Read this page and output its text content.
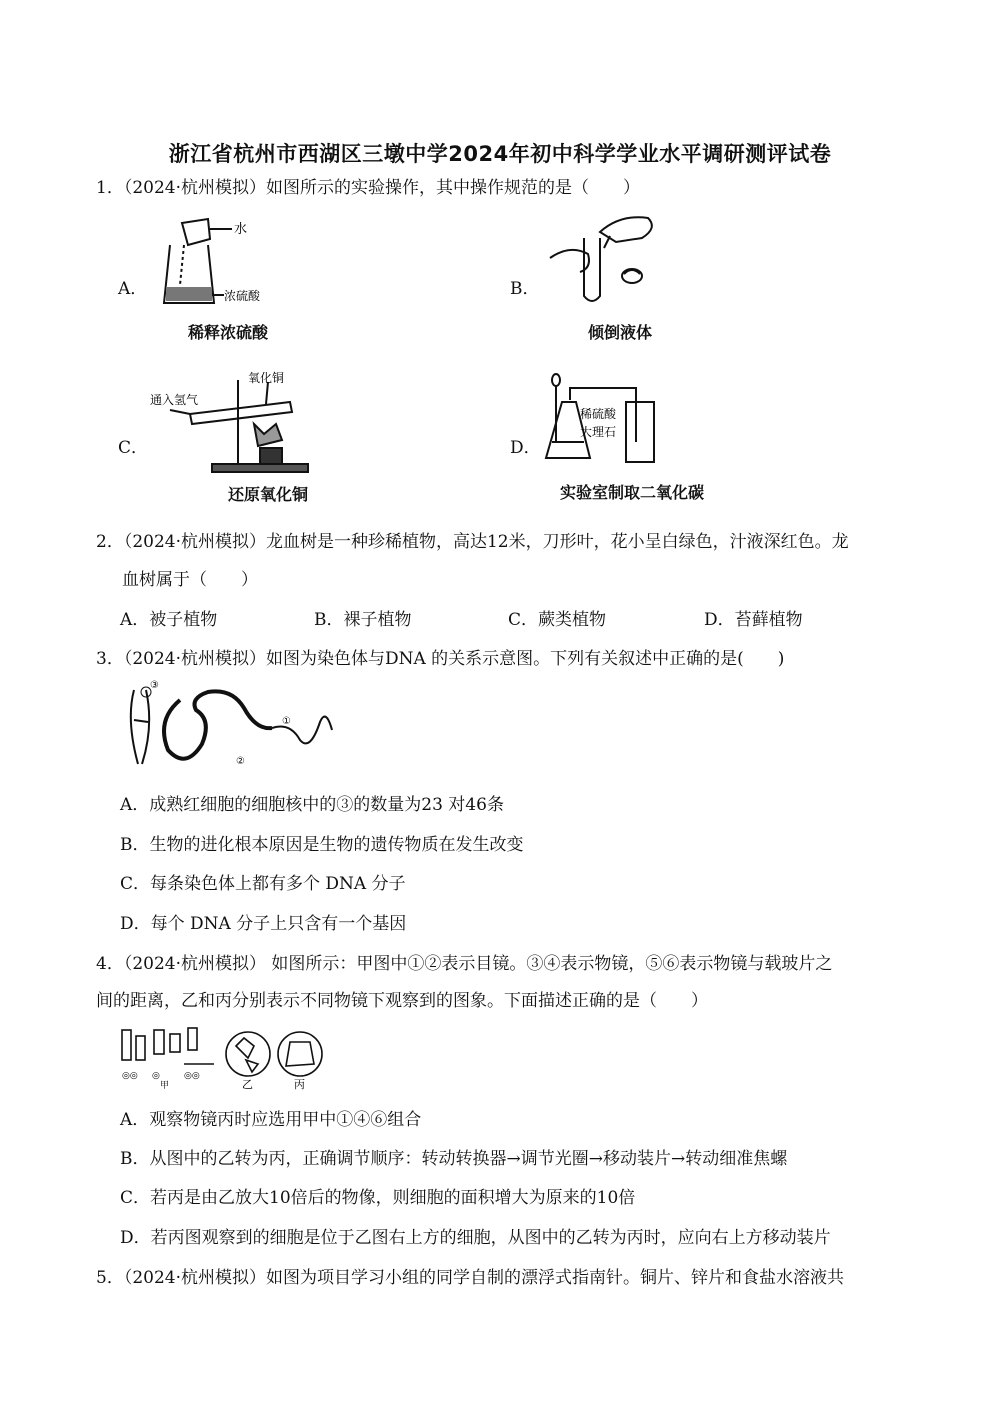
浙江省杭州市西湖区三墩中学2024年初中科学学业水平调研测评试卷
1．（2024·杭州模拟）如图所示的实验操作，其中操作规范的是（　　）
A．
水
浓硫酸
稀释浓硫酸
B．
倾倒液体
C．
通入氢气
氧化铜
还原氧化铜
D．
稀硫酸
大理石
实验室制取二氧化碳
2．（2024·杭州模拟）龙血树是一种珍稀植物，高达12米，刀形叶，花小呈白绿色，汁液深红色。龙
血树属于（　　）
A．被子植物	B．裸子植物	C．蕨类植物	D．苔藓植物
3．（2024·杭州模拟）如图为染色体与DNA 的关系示意图。下列有关叙述中正确的是(　　)
③
①
②
A．成熟红细胞的细胞核中的③的数量为23 对46条
B．生物的进化根本原因是生物的遗传物质在发生改变
C．每条染色体上都有多个 DNA 分子
D．每个 DNA 分子上只含有一个基因
4．（2024·杭州模拟） 如图所示：甲图中①②表示目镜。③④表示物镜，⑤⑥表示物镜与载玻片之
间的距离，乙和丙分别表示不同物镜下观察到的图象。下面描述正确的是（　　）
◎◎ ◎	◎◎
甲	乙	丙
A．观察物镜丙时应选用甲中①④⑥组合
B．从图中的乙转为丙，正确调节顺序：转动转换器→调节光圈→移动装片→转动细准焦螺
C．若丙是由乙放大10倍后的物像，则细胞的面积增大为原来的10倍
D．若丙图观察到的细胞是位于乙图右上方的细胞，从图中的乙转为丙时，应向右上方移动装片
5．（2024·杭州模拟）如图为项目学习小组的同学自制的漂浮式指南针。铜片、锌片和食盐水溶液共
